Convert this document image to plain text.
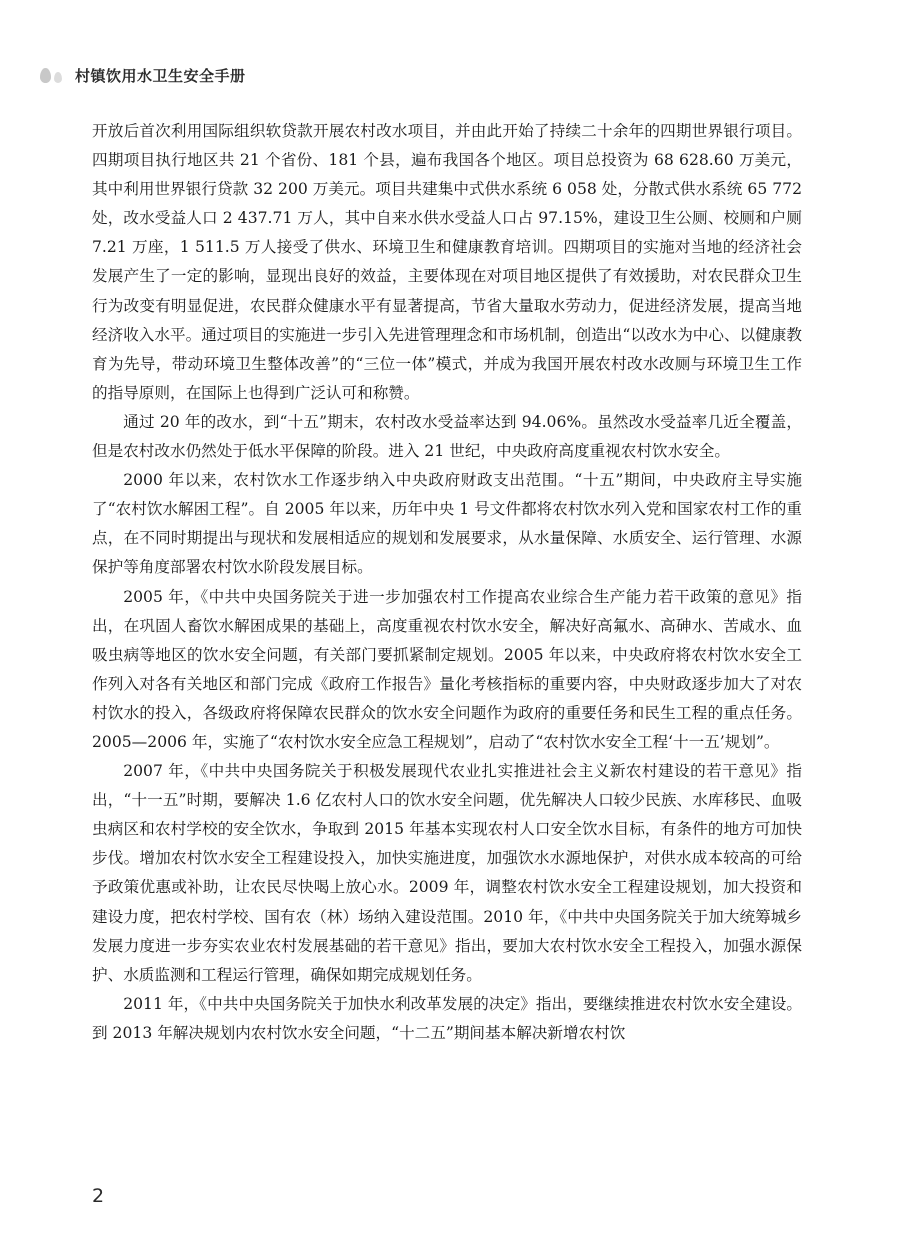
村镇饮用水卫生安全手册

开放后首次利用国际组织软贷款开展农村改水项目，并由此开始了持续二十余年的四期世界银行项目。四期项目执行地区共 21 个省份、181 个县，遍布我国各个地区。项目总投资为 68 628.60 万美元，其中利用世界银行贷款 32 200 万美元。项目共建集中式供水系统 6 058 处，分散式供水系统 65 772 处，改水受益人口 2 437.71 万人，其中自来水供水受益人口占 97.15%，建设卫生公厕、校厕和户厕 7.21 万座，1 511.5 万人接受了供水、环境卫生和健康教育培训。四期项目的实施对当地的经济社会发展产生了一定的影响，显现出良好的效益，主要体现在对项目地区提供了有效援助，对农民群众卫生行为改变有明显促进，农民群众健康水平有显著提高，节省大量取水劳动力，促进经济发展，提高当地经济收入水平。通过项目的实施进一步引入先进管理理念和市场机制，创造出“以改水为中心、以健康教育为先导，带动环境卫生整体改善”的“三位一体”模式，并成为我国开展农村改水改厕与环境卫生工作的指导原则，在国际上也得到广泛认可和称赞。

通过 20 年的改水，到“十五”期末，农村改水受益率达到 94.06%。虽然改水受益率几近全覆盖，但是农村改水仍然处于低水平保障的阶段。进入 21 世纪，中央政府高度重视农村饮水安全。

2000 年以来，农村饮水工作逐步纳入中央政府财政支出范围。“十五”期间，中央政府主导实施了“农村饮水解困工程”。自 2005 年以来，历年中央 1 号文件都将农村饮水列入党和国家农村工作的重点，在不同时期提出与现状和发展相适应的规划和发展要求，从水量保障、水质安全、运行管理、水源保护等角度部署农村饮水阶段发展目标。

2005 年，《中共中央国务院关于进一步加强农村工作提高农业综合生产能力若干政策的意见》指出，在巩固人畜饮水解困成果的基础上，高度重视农村饮水安全，解决好高氟水、高砷水、苦咸水、血吸虫病等地区的饮水安全问题，有关部门要抓紧制定规划。2005 年以来，中央政府将农村饮水安全工作列入对各有关地区和部门完成《政府工作报告》量化考核指标的重要内容，中央财政逐步加大了对农村饮水的投入，各级政府将保障农民群众的饮水安全问题作为政府的重要任务和民生工程的重点任务。2005—2006 年，实施了“农村饮水安全应急工程规划”，启动了“农村饮水安全工程‘十一五’规划”。

2007 年，《中共中央国务院关于积极发展现代农业扎实推进社会主义新农村建设的若干意见》指出，“十一五”时期，要解决 1.6 亿农村人口的饮水安全问题，优先解决人口较少民族、水库移民、血吸虫病区和农村学校的安全饮水，争取到 2015 年基本实现农村人口安全饮水目标，有条件的地方可加快步伐。增加农村饮水安全工程建设投入，加快实施进度，加强饮水水源地保护，对供水成本较高的可给予政策优惠或补助，让农民尽快喝上放心水。2009 年，调整农村饮水安全工程建设规划，加大投资和建设力度，把农村学校、国有农（林）场纳入建设范围。2010 年，《中共中央国务院关于加大统筹城乡发展力度进一步夯实农业农村发展基础的若干意见》指出，要加大农村饮水安全工程投入，加强水源保护、水质监测和工程运行管理，确保如期完成规划任务。

2011 年，《中共中央国务院关于加快水利改革发展的决定》指出，要继续推进农村饮水安全建设。到 2013 年解决规划内农村饮水安全问题，“十二五”期间基本解决新增农村饮

2
